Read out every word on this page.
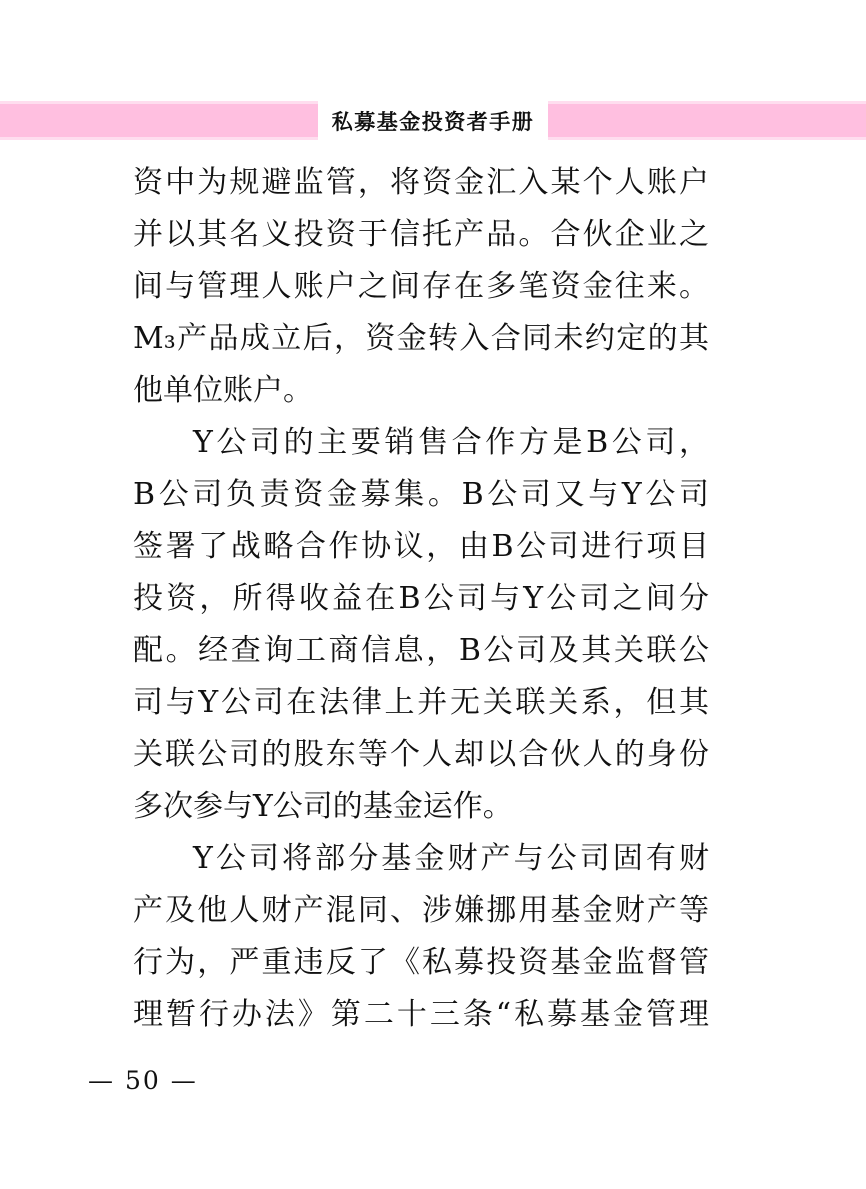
私募基金投资者手册
资中为规避监管，将资金汇入某个人账户
并以其名义投资于信托产品。合伙企业之
间与管理人账户之间存在多笔资金往来。
M₃产品成立后，资金转入合同未约定的其
他单位账户。
Y公司的主要销售合作方是B公司，
B公司负责资金募集。B公司又与Y公司
签署了战略合作协议，由B公司进行项目
投资，所得收益在B公司与Y公司之间分
配。经查询工商信息，B公司及其关联公
司与Y公司在法律上并无关联关系，但其
关联公司的股东等个人却以合伙人的身份
多次参与Y公司的基金运作。
Y公司将部分基金财产与公司固有财
产及他人财产混同、涉嫌挪用基金财产等
行为，严重违反了《私募投资基金监督管
理暂行办法》第二十三条“私募基金管理
— 50 —
